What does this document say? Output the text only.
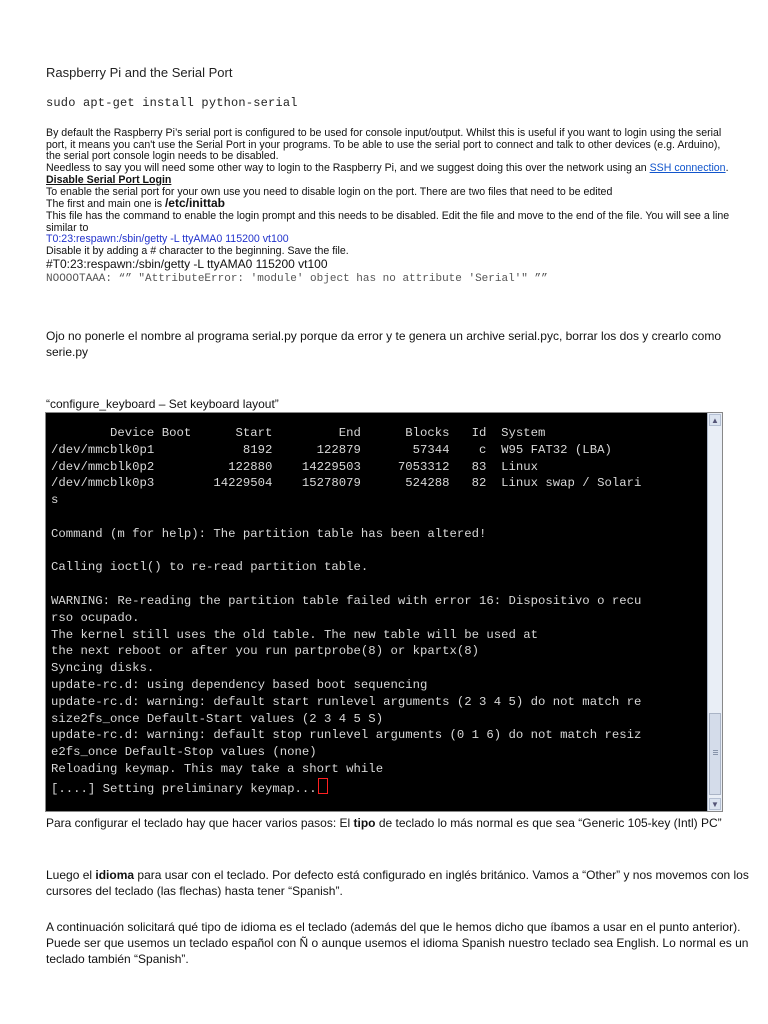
Raspberry Pi and the Serial Port
sudo apt-get install python-serial
By default the Raspberry Pi’s serial port is configured to be used for console input/output. Whilst this is useful if you want to login using the serial port, it means you can't use the Serial Port in your programs. To be able to use the serial port to connect and talk to other devices (e.g. Arduino), the serial port console login needs to be disabled.
Needless to say you will need some other way to login to the Raspberry Pi, and we suggest doing this over the network using an SSH connection.
Disable Serial Port Login
To enable the serial port for your own use you need to disable login on the port. There are two files that need to be edited
The first and main one is /etc/inittab
This file has the command to enable the login prompt and this needs to be disabled. Edit the file and move to the end of the file. You will see a line similar to
T0:23:respawn:/sbin/getty -L ttyAMA0 115200 vt100
Disable it by adding a # character to the beginning. Save the file.
#T0:23:respawn:/sbin/getty -L ttyAMA0 115200 vt100
NOOOOTAAA: “” "AttributeError: 'module' object has no attribute 'Serial'" ””
Ojo no ponerle el nombre al programa serial.py porque da error y te genera un archive serial.pyc, borrar los dos y crearlo como serie.py
“configure_keyboard – Set keyboard layout”
Device Boot      Start         End      Blocks   Id  System
/dev/mmcblk0p1            8192      122879       57344    c  W95 FAT32 (LBA)
/dev/mmcblk0p2          122880    14229503     7053312   83  Linux
/dev/mmcblk0p3        14229504    15278079      524288   82  Linux swap / Solari
s

Command (m for help): The partition table has been altered!

Calling ioctl() to re-read partition table.

WARNING: Re-reading the partition table failed with error 16: Dispositivo o recu
rso ocupado.
The kernel still uses the old table. The new table will be used at
the next reboot or after you run partprobe(8) or kpartx(8)
Syncing disks.
update-rc.d: using dependency based boot sequencing
update-rc.d: warning: default start runlevel arguments (2 3 4 5) do not match re
size2fs_once Default-Start values (2 3 4 5 S)
update-rc.d: warning: default stop runlevel arguments (0 1 6) do not match resiz
e2fs_once Default-Stop values (none)
Reloading keymap. This may take a short while
[....] Setting preliminary keymap...
▲
▼
Para configurar el teclado hay que hacer varios pasos: El tipo de teclado lo más normal es que sea “Generic 105-key (Intl) PC”
Luego el idioma para usar con el teclado. Por defecto está configurado en inglés británico. Vamos a “Other” y nos movemos con los cursores del teclado (las flechas) hasta tener “Spanish”.
A continuación solicitará qué tipo de idioma es el teclado (además del que le hemos dicho que íbamos a usar en el punto anterior). Puede ser que usemos un teclado español con Ñ o aunque usemos el idioma Spanish nuestro teclado sea English. Lo normal es un teclado también “Spanish”.
